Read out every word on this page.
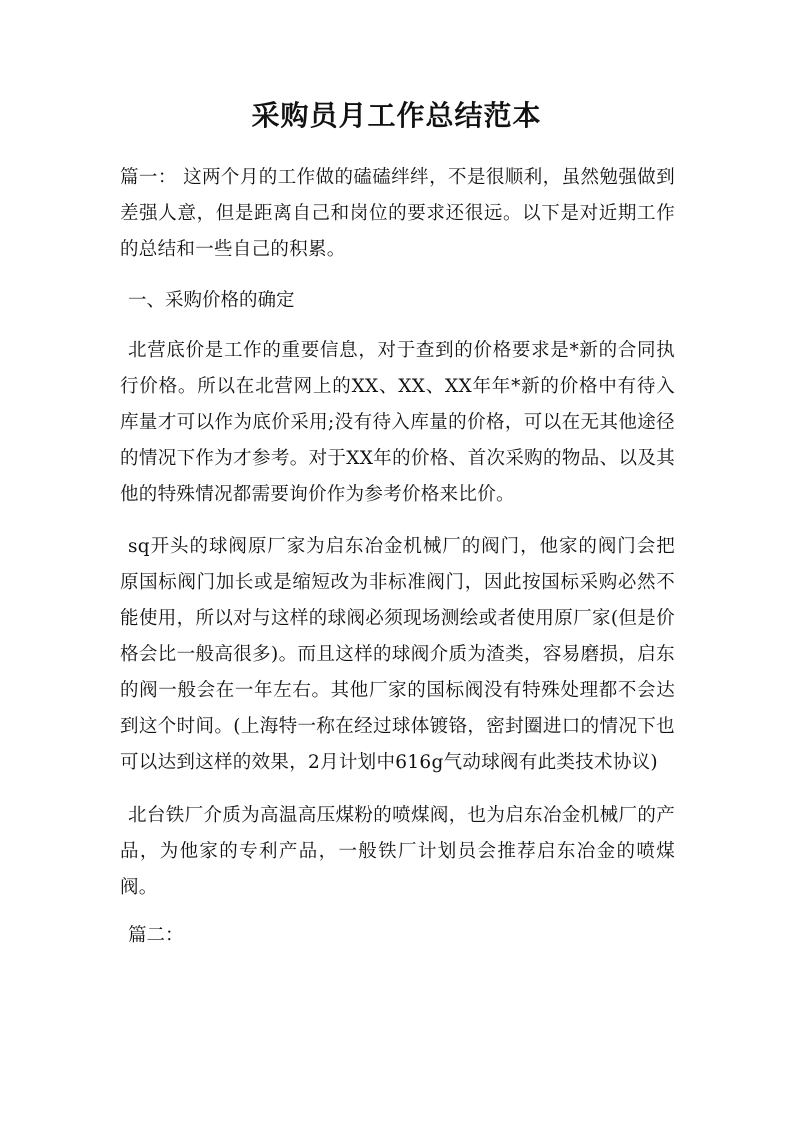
采购员月工作总结范本

篇一： 这两个月的工作做的磕磕绊绊，不是很顺利，虽然勉强做到差强人意，但是距离自己和岗位的要求还很远。以下是对近期工作的总结和一些自己的积累。

一、采购价格的确定

北营底价是工作的重要信息，对于查到的价格要求是*新的合同执行价格。所以在北营网上的XX、XX、XX年年*新的价格中有待入库量才可以作为底价采用;没有待入库量的价格，可以在无其他途径的情况下作为才参考。对于XX年的价格、首次采购的物品、以及其他的特殊情况都需要询价作为参考价格来比价。

sq开头的球阀原厂家为启东冶金机械厂的阀门，他家的阀门会把原国标阀门加长或是缩短改为非标准阀门，因此按国标采购必然不能使用，所以对与这样的球阀必须现场测绘或者使用原厂家(但是价格会比一般高很多)。而且这样的球阀介质为渣类，容易磨损，启东的阀一般会在一年左右。其他厂家的国标阀没有特殊处理都不会达到这个时间。(上海特一称在经过球体镀铬，密封圈进口的情况下也可以达到这样的效果，2月计划中616g气动球阀有此类技术协议)

北台铁厂介质为高温高压煤粉的喷煤阀，也为启东冶金机械厂的产品，为他家的专利产品，一般铁厂计划员会推荐启东冶金的喷煤阀。

篇二：
